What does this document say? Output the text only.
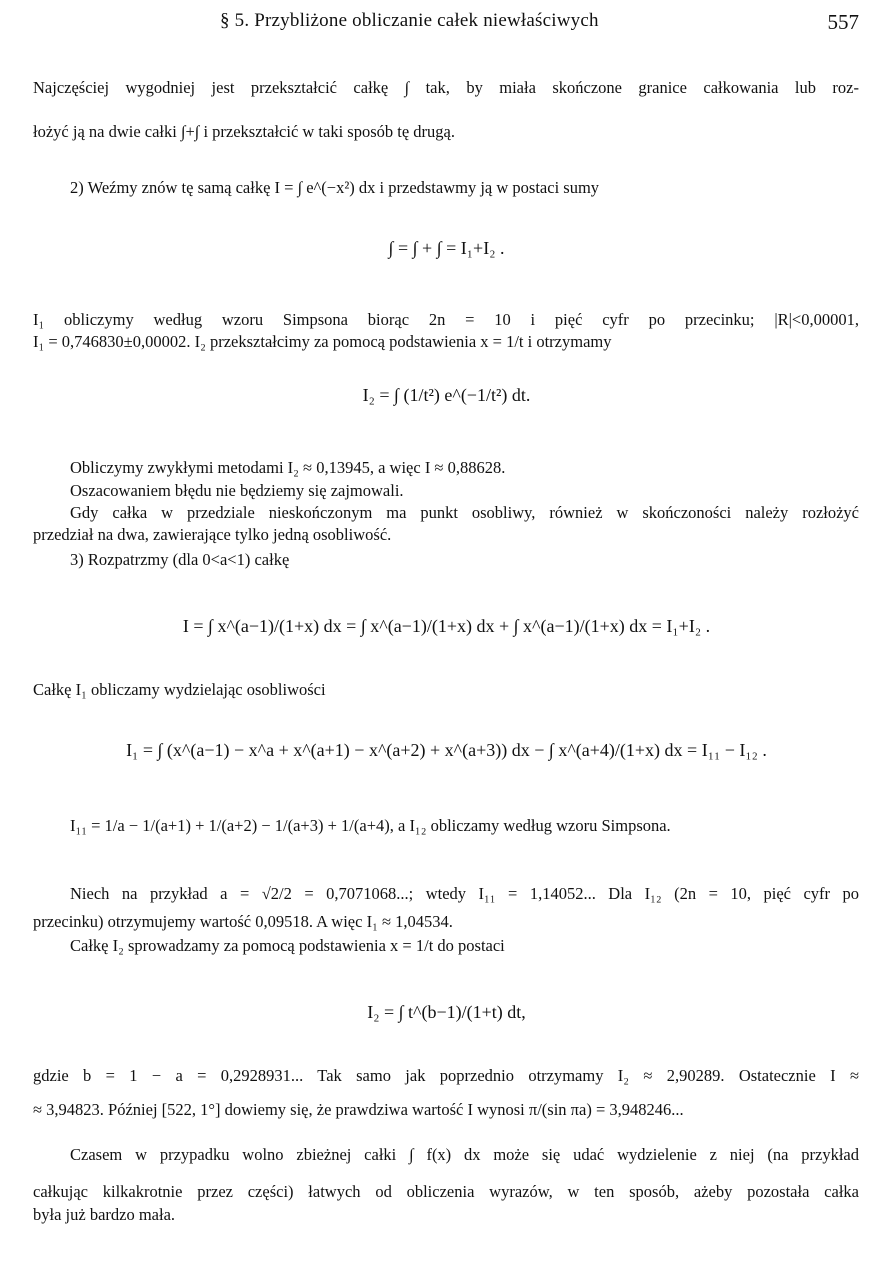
§ 5. Przybliżone obliczanie całek niewłaściwych	557
Najczęściej wygodniej jest przekształcić całkę ∫ tak, by miała skończone granice całkowania lub roz-
łożyć ją na dwie całki ∫+∫ i przekształcić w taki sposób tę drugą.
2) Weźmy znów tę samą całkę I = ∫ e^(−x²) dx i przedstawmy ją w postaci sumy
∫ = ∫ + ∫ = I₁+I₂ .
I₁ obliczymy według wzoru Simpsona biorąc 2n = 10 i pięć cyfr po przecinku; |R|<0,00001,
I₁ = 0,746830±0,00002. I₂ przekształcimy za pomocą podstawienia x = 1/t i otrzymamy
I₂ = ∫ (1/t²) e^(−1/t²) dt.
Obliczymy zwykłymi metodami I₂ ≈ 0,13945, a więc I ≈ 0,88628.
Oszacowaniem błędu nie będziemy się zajmowali.
Gdy całka w przedziale nieskończonym ma punkt osobliwy, również w skończoności należy rozłożyć
przedział na dwa, zawierające tylko jedną osobliwość.
3) Rozpatrzmy (dla 0<a<1) całkę
I = ∫ x^(a−1)/(1+x) dx = ∫ x^(a−1)/(1+x) dx + ∫ x^(a−1)/(1+x) dx = I₁+I₂ .
Całkę I₁ obliczamy wydzielając osobliwości
I₁ = ∫ (x^(a−1) − x^a + x^(a+1) − x^(a+2) + x^(a+3)) dx − ∫ x^(a+4)/(1+x) dx = I₁₁ − I₁₂ .
I₁₁ = 1/a − 1/(a+1) + 1/(a+2) − 1/(a+3) + 1/(a+4), a I₁₂ obliczamy według wzoru Simpsona.
Niech na przykład a = √2/2 = 0,7071068...; wtedy I₁₁ = 1,14052... Dla I₁₂ (2n = 10, pięć cyfr po
przecinku) otrzymujemy wartość 0,09518. A więc I₁ ≈ 1,04534.
Całkę I₂ sprowadzamy za pomocą podstawienia x = 1/t do postaci
I₂ = ∫ t^(b−1)/(1+t) dt,
gdzie b = 1 − a = 0,2928931... Tak samo jak poprzednio otrzymamy I₂ ≈ 2,90289. Ostatecznie I ≈
≈ 3,94823. Później [522, 1°] dowiemy się, że prawdziwa wartość I wynosi π/(sin πa) = 3,948246...
Czasem w przypadku wolno zbieżnej całki ∫ f(x) dx może się udać wydzielenie z niej (na przykład
całkując kilkakrotnie przez części) łatwych od obliczenia wyrazów, w ten sposób, ażeby pozostała całka
była już bardzo mała.
